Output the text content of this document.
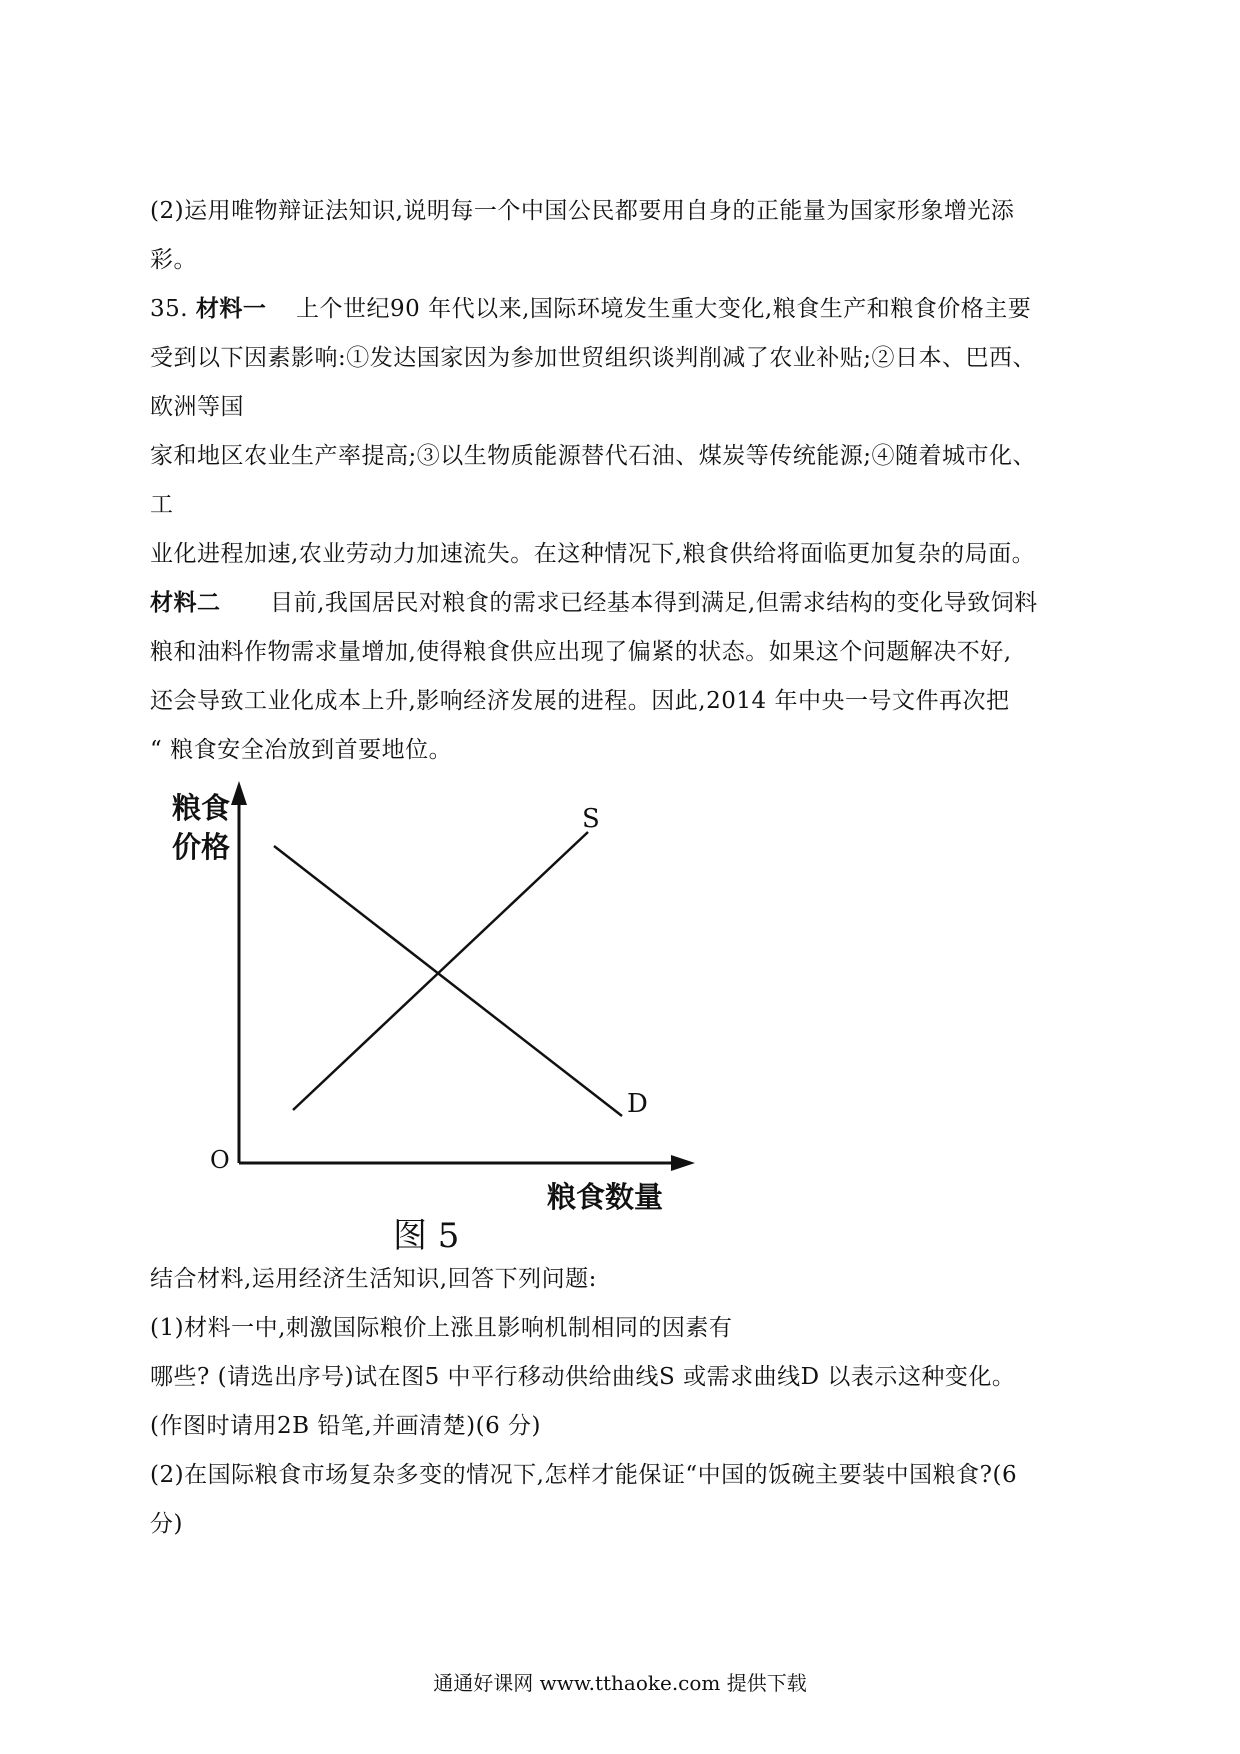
(2)运用唯物辩证法知识,说明每一个中国公民都要用自身的正能量为国家形象增光添
彩。
35. 材料一 上个世纪90 年代以来,国际环境发生重大变化,粮食生产和粮食价格主要
受到以下因素影响:①发达国家因为参加世贸组织谈判削减了农业补贴;②日本、巴西、
欧洲等国
家和地区农业生产率提高;③以生物质能源替代石油、煤炭等传统能源;④随着城市化、
工
业化进程加速,农业劳动力加速流失。在这种情况下,粮食供给将面临更加复杂的局面。
材料二 目前,我国居民对粮食的需求已经基本得到满足,但需求结构的变化导致饲料
粮和油料作物需求量增加,使得粮食供应出现了偏紧的状态。如果这个问题解决不好,
还会导致工业化成本上升,影响经济发展的进程。因此,2014 年中央一号文件再次把
“ 粮食安全冶放到首要地位。
粮食
价格
S
D
O
粮食数量
图 5
结合材料,运用经济生活知识,回答下列问题:
(1)材料一中,刺激国际粮价上涨且影响机制相同的因素有
哪些? (请选出序号)试在图5 中平行移动供给曲线S 或需求曲线D 以表示这种变化。
(作图时请用2B 铅笔,并画清楚)(6 分)
(2)在国际粮食市场复杂多变的情况下,怎样才能保证“中国的饭碗主要装中国粮食?(6
分)
通通好课网 www.tthaoke.com 提供下载
